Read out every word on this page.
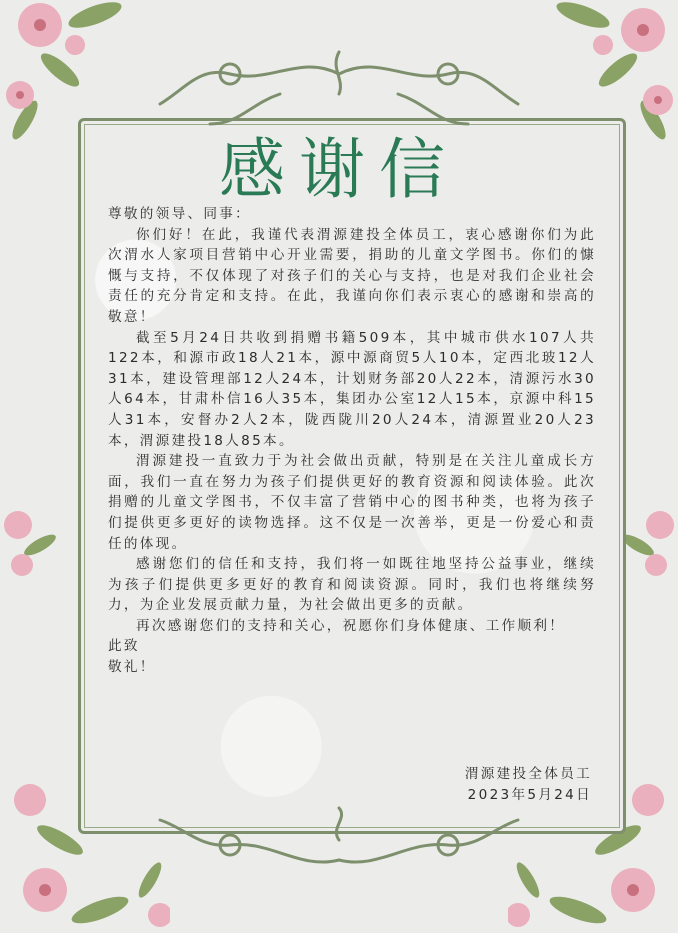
感谢信

尊敬的领导、同事：

你们好！在此，我谨代表渭源建投全体员工，衷心感谢你们为此次渭水人家项目营销中心开业需要，捐助的儿童文学图书。你们的慷慨与支持，不仅体现了对孩子们的关心与支持，也是对我们企业社会责任的充分肯定和支持。在此，我谨向你们表示衷心的感谢和崇高的敬意！

截至5月24日共收到捐赠书籍509本，其中城市供水107人共122本，和源市政18人21本，源中源商贸5人10本，定西北玻12人31本，建设管理部12人24本，计划财务部20人22本，清源污水30人64本，甘肃朴信16人35本，集团办公室12人15本，京源中科15人31本，安督办2人2本，陇西陇川20人24本，清源置业20人23本，渭源建投18人85本。

渭源建投一直致力于为社会做出贡献，特别是在关注儿童成长方面，我们一直在努力为孩子们提供更好的教育资源和阅读体验。此次捐赠的儿童文学图书，不仅丰富了营销中心的图书种类，也将为孩子们提供更多更好的读物选择。这不仅是一次善举，更是一份爱心和责任的体现。

感谢您们的信任和支持，我们将一如既往地坚持公益事业，继续为孩子们提供更多更好的教育和阅读资源。同时，我们也将继续努力，为企业发展贡献力量，为社会做出更多的贡献。

再次感谢您们的支持和关心，祝愿你们身体健康、工作顺利！

此致

敬礼！

渭源建投全体员工
2023年5月24日
